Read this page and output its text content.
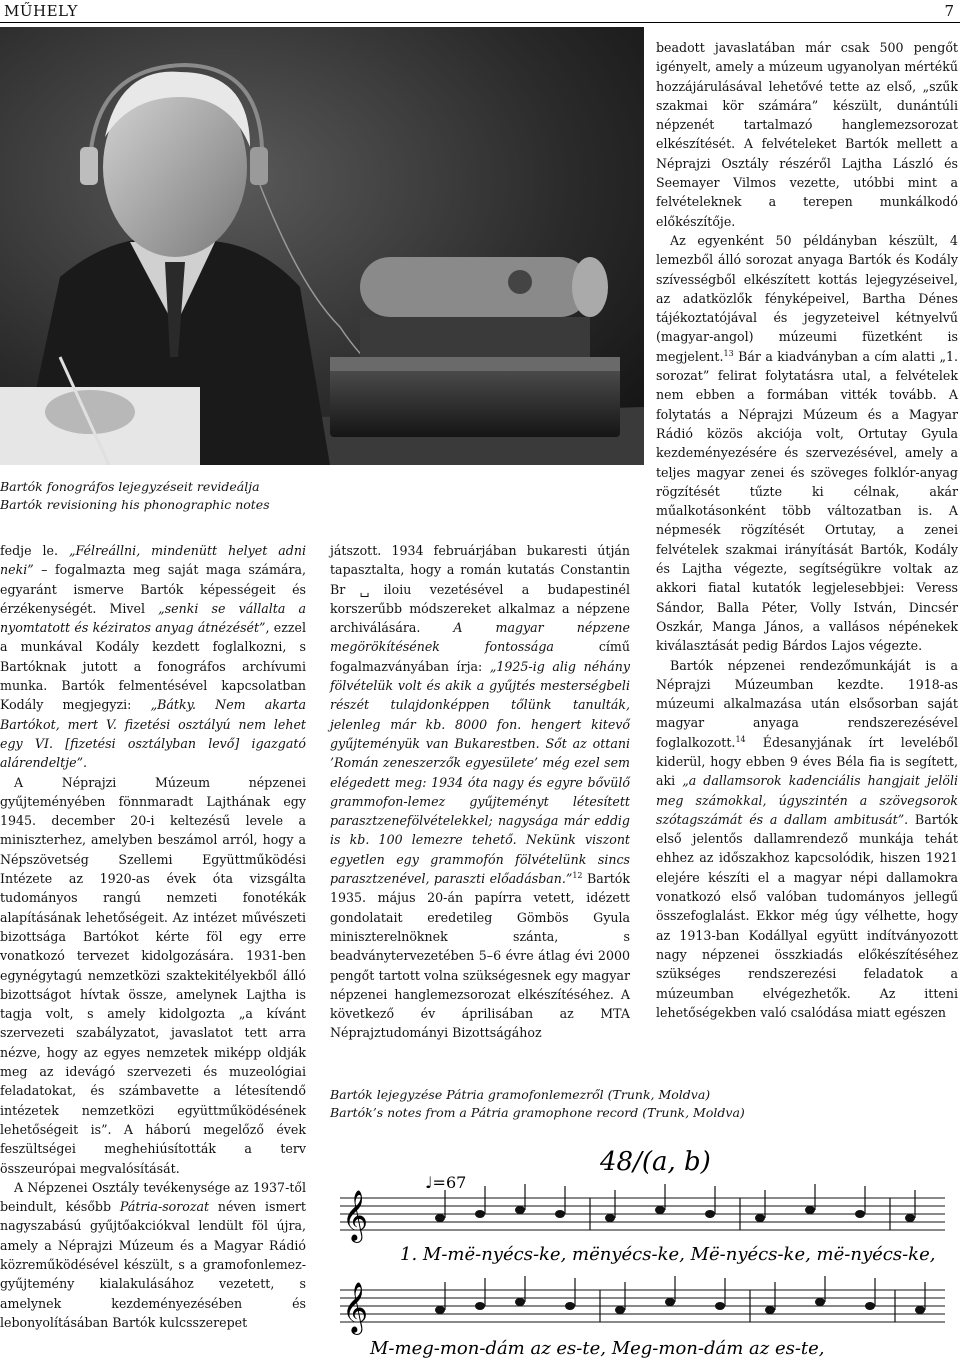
MŰHELY	7
Bartók fonográfos lejegyzéseit revideálja
Bartók revisioning his phonographic notes

fedje le. „Félreállni, mindenütt helyet adni neki” – fogalmazta meg saját maga számára, egyaránt ismerve Bartók képességeit és érzékenységét. Mivel „senki se vállalta a nyomtatott és kéziratos anyag átnézését”, ezzel a munkával Kodály kezdett foglalkozni, s Bartóknak jutott a fonográfos archívumi munka. Bartók felmentésével kapcsolatban Kodály megjegyzi: „Bátky. Nem akarta Bartókot, mert V. fizetési osztályú nem lehet egy VI. [fizetési osztályban levő] igazgató alárendeltje”.

A Néprajzi Múzeum népzenei gyűjteményében fönnmaradt Lajthának egy 1945. december 20-i keltezésű levele a miniszterhez, amelyben beszámol arról, hogy a Népszövetség Szellemi Együttműködési Intézete az 1920-as évek óta vizsgálta tudományos rangú nemzeti fonotékák alapításának lehetőségeit. Az intézet művészeti bizottsága Bartókot kérte föl egy erre vonatkozó tervezet kidolgozására. 1931-ben egynégytagú nemzetközi szaktekitélyekből álló bizottságot hívtak össze, amelynek Lajtha is tagja volt, s amely kidolgozta „a kívánt szervezeti szabályzatot, javaslatot tett arra nézve, hogy az egyes nemzetek miképp oldják meg az idevágó szervezeti és muzeológiai feladatokat, és számbavette a létesítendő intézetek nemzetközi együttműködésének lehetőségeit is”. A háború megelőző évek feszültségei meghehiúsították a terv összeurópai megvalósítását.

A Népzenei Osztály tevékenysége az 1937-től beindult, később Pátria-sorozat néven ismert nagyszabású gyűjtőakciókval lendült föl újra, amely a Néprajzi Múzeum és a Magyar Rádió közreműködésével készült, s a gramofonlemez-gyűjtemény kialakulásához vezetett, s amelynek kezdeményezésében és lebonyolításában Bartók kulcsszerepet

játszott. 1934 februárjában bukaresti útján tapasztalta, hogy a román kutatás Constantin Br␣iloiu vezetésével a budapestinél korszerűbb módszereket alkalmaz a népzene archiválására. A magyar népzene megörökítésének fontossága című fogalmazványában írja: „1925-ig alig néhány fölvételük volt és akik a gyűjtés mesterségbeli részét tulajdonképpen tőlünk tanulták, jelenleg már kb. 8000 fon. hengert kitevő gyűjteményük van Bukarestben. Sőt az ottani ’Román zeneszerzők egyesülete’ még ezel sem elégedett meg: 1934 óta nagy és egyre bővülő grammofon-lemez gyűjteményt létesített parasztzenefölvételekkel; nagysága már eddig is kb. 100 lemezre tehető. Nekünk viszont egyetlen egy grammofón fölvételünk sincs parasztzenével, paraszti előadásban.”$^{12}$ Bartók 1935. május 20-án papírra vetett, idézett gondolatait eredetileg Gömbös Gyula miniszterelnöknek szánta, s beadványtervezetében 5–6 évre átlag évi 2000 pengőt tartott volna szükségesnek egy magyar népzenei hanglemezsorozat elkészítéséhez. A következő év áprilisában az MTA Néprajztudományi Bizottságához

beadott javaslatában már csak 500 pengőt igényelt, amely a múzeum ugyanolyan mértékű hozzájárulásával lehetővé tette az első, „szűk szakmai kör számára” készült, dunántúli népzenét tartalmazó hanglemezsorozat elkészítését. A felvételeket Bartók mellett a Néprajzi Osztály részéről Lajtha László és Seemayer Vilmos vezette, utóbbi mint a felvételeknek a terepen munkálkodó előkészítője.

Az egyenként 50 példányban készült, 4 lemezből álló sorozat anyaga Bartók és Kodály szívességből elkészített kottás lejegyzéseivel, az adatközlők fényképeivel, Bartha Dénes tájékoztatójával és jegyzeteivel kétnyelvű (magyar-angol) múzeumi füzetként is megjelent.$^{13}$ Bár a kiadványban a cím alatti „1. sorozat” felirat folytatásra utal, a felvételek nem ebben a formában vitték tovább. A folytatás a Néprajzi Múzeum és a Magyar Rádió közös akciója volt, Ortutay Gyula kezdeményezésére és szervezésével, amely a teljes magyar zenei és szöveges folklór-anyag rögzítését tűzte ki célnak, akár műalkotásonként több változatban is. A népmesék rögzítését Ortutay, a zenei felvételek szakmai irányítását Bartók, Kodály és Lajtha végezte, segítségükre voltak az akkori fiatal kutatók legjelesebbjei: Veress Sándor, Balla Péter, Volly István, Dincsér Oszkár, Manga János, a vallásos népénekek kiválasztását pedig Bárdos Lajos végezte.

Bartók népzenei rendezőmunkáját is a Néprajzi Múzeumban kezdte. 1918-as múzeumi alkalmazása után elsősorban saját magyar anyaga rendszerezésével foglalkozott.$^{14}$ Édesanyjának írt leveléből kiderül, hogy ebben 9 éves Béla fia is segített, aki „a dallamsorok kadenciális hangjait jelöli meg számokkal, úgyszintén a szövegsorok szótagszámát és a dallam ambitusát”. Bartók első jelentős dallamrendező munkája tehát ehhez az időszakhoz kapcsolódik, hiszen 1921 elejére készíti el a magyar népi dallamokra vonatkozó első valóban tudományos jellegű összefoglalást. Ekkor még úgy vélhette, hogy az 1913-ban Kodállyal együtt indítványozott nagy népzenei összkiadás előkészítéséhez szükséges rendszerezési feladatok a múzeumban elvégezhetők. Az itteni lehetőségekben való csalódása miatt egészen

Bartók lejegyzése Pátria gramofonlemezről (Trunk, Moldva)
Bartók’s notes from a Pátria gramophone record (Trunk, Moldva)
48/(a, b)
♩=67
𝄞
1. M-më-nyécs-ke, mënyécs-ke, Më-nyécs-ke, më-nyécs-ke,
𝄞
M-meg-mon-dám az es-te, Meg-mon-dám az es-te,
